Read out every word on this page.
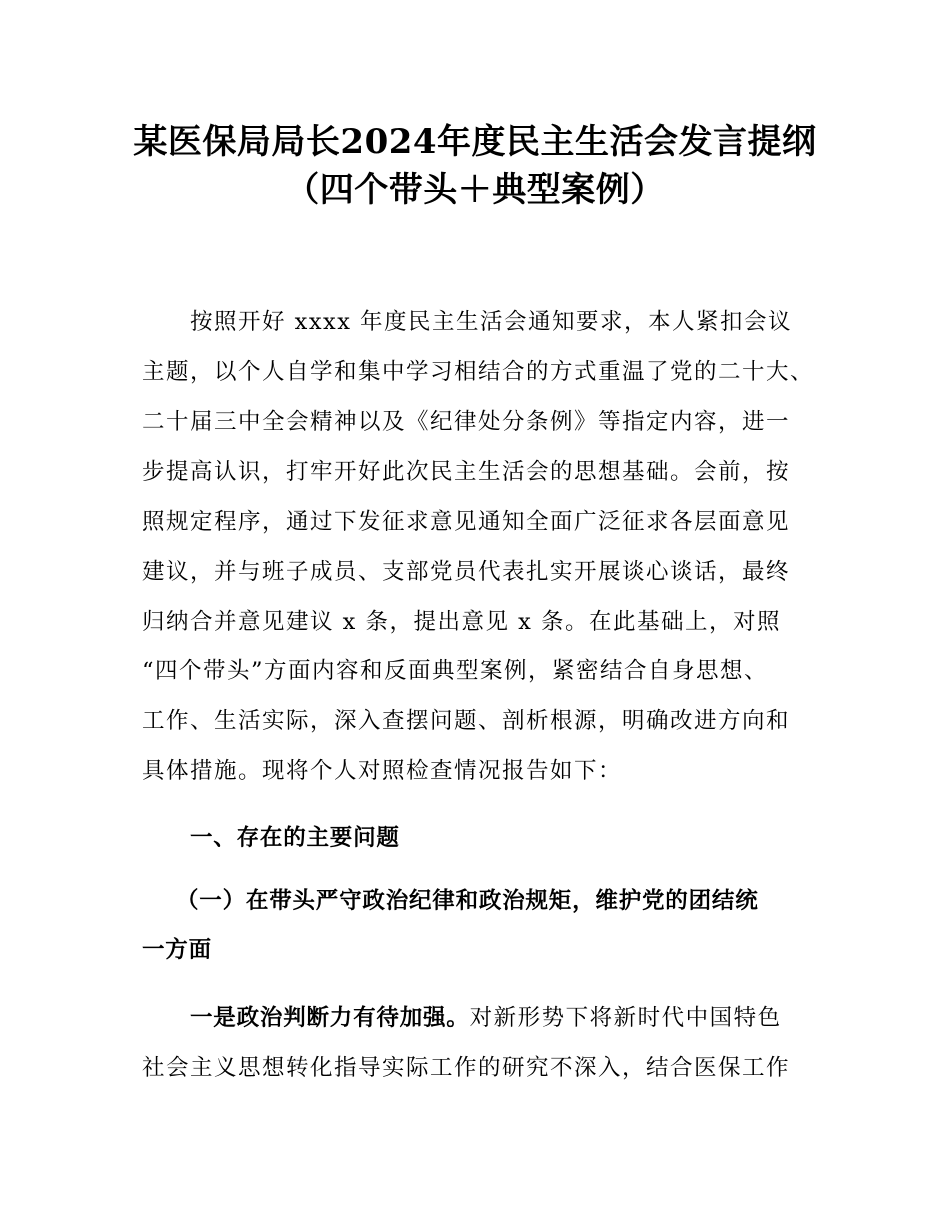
某医保局局长2024年度民主生活会发言提纲
（四个带头＋典型案例）
按照开好 xxxx 年度民主生活会通知要求，本人紧扣会议
主题，以个人自学和集中学习相结合的方式重温了党的二十大、
二十届三中全会精神以及《纪律处分条例》等指定内容，进一
步提高认识，打牢开好此次民主生活会的思想基础。会前，按
照规定程序，通过下发征求意见通知全面广泛征求各层面意见
建议，并与班子成员、支部党员代表扎实开展谈心谈话，最终
归纳合并意见建议 x 条，提出意见 x 条。在此基础上，对照
“四个带头”方面内容和反面典型案例，紧密结合自身思想、
工作、生活实际，深入查摆问题、剖析根源，明确改进方向和
具体措施。现将个人对照检查情况报告如下：
一、存在的主要问题
（一）在带头严守政治纪律和政治规矩，维护党的团结统
一方面
一是政治判断力有待加强。对新形势下将新时代中国特色
社会主义思想转化指导实际工作的研究不深入，结合医保工作
